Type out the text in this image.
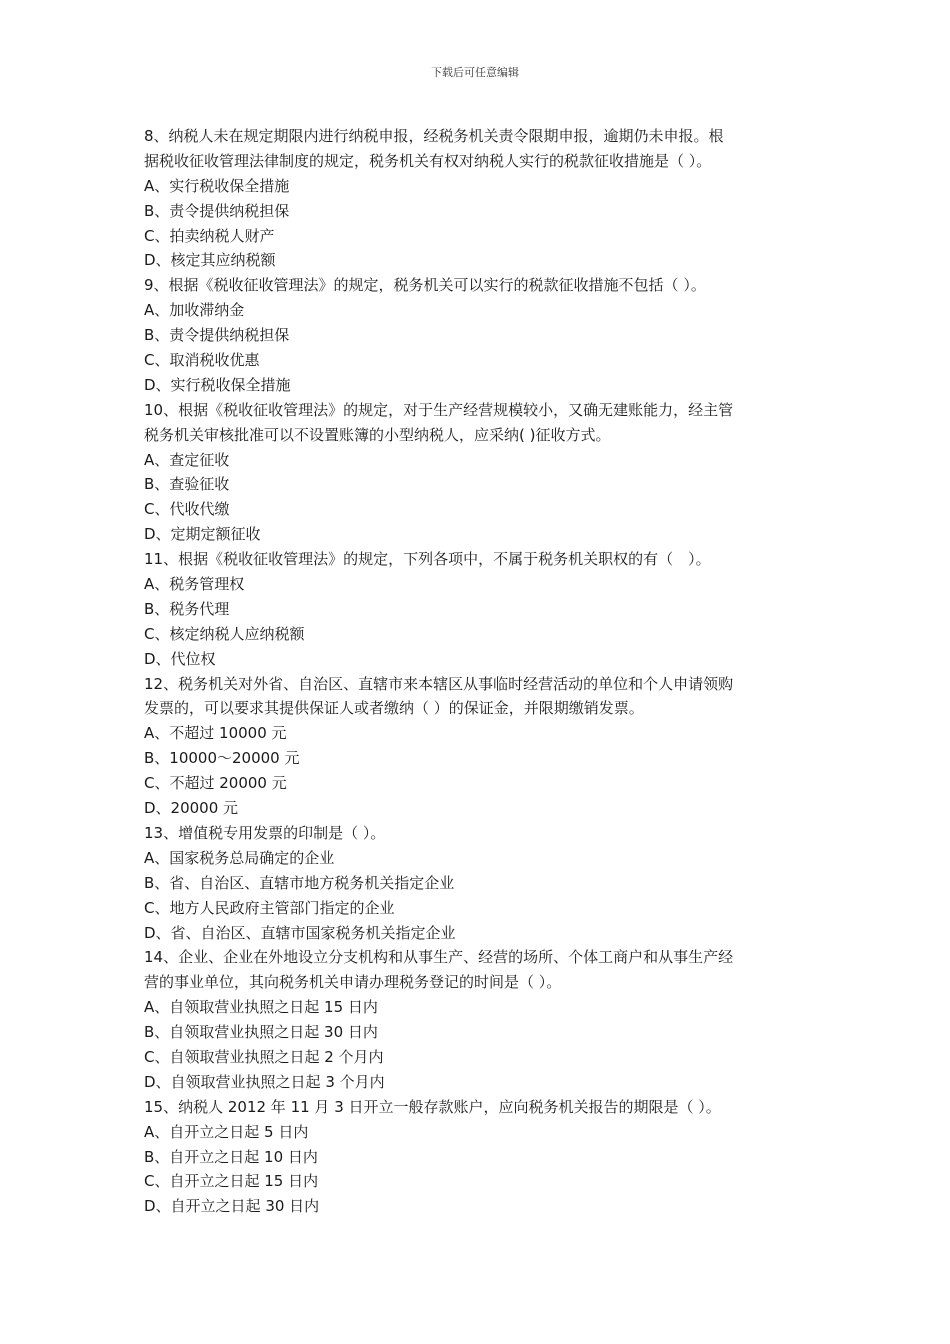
下载后可任意编辑
8、纳税人未在规定期限内进行纳税申报，经税务机关责令限期申报，逾期仍未申报。根
据税收征收管理法律制度的规定，税务机关有权对纳税人实行的税款征收措施是（ ）。
A、实行税收保全措施
B、责令提供纳税担保
C、拍卖纳税人财产
D、核定其应纳税额
9、根据《税收征收管理法》的规定，税务机关可以实行的税款征收措施不包括（ ）。
A、加收滞纳金
B、责令提供纳税担保
C、取消税收优惠
D、实行税收保全措施
10、根据《税收征收管理法》的规定，对于生产经营规模较小，又确无建账能力，经主管
税务机关审核批准可以不设置账簿的小型纳税人，应采纳( )征收方式。
A、查定征收
B、查验征收
C、代收代缴
D、定期定额征收
11、根据《税收征收管理法》的规定，下列各项中，不属于税务机关职权的有（　）。
A、税务管理权
B、税务代理
C、核定纳税人应纳税额
D、代位权
12、税务机关对外省、自治区、直辖市来本辖区从事临时经营活动的单位和个人申请领购
发票的，可以要求其提供保证人或者缴纳（ ）的保证金，并限期缴销发票。
A、不超过 10000 元
B、10000～20000 元
C、不超过 20000 元
D、20000 元
13、增值税专用发票的印制是（ ）。
A、国家税务总局确定的企业
B、省、自治区、直辖市地方税务机关指定企业
C、地方人民政府主管部门指定的企业
D、省、自治区、直辖市国家税务机关指定企业
14、企业、企业在外地设立分支机构和从事生产、经营的场所、个体工商户和从事生产经
营的事业单位，其向税务机关申请办理税务登记的时间是（ ）。
A、自领取营业执照之日起 15 日内
B、自领取营业执照之日起 30 日内
C、自领取营业执照之日起 2 个月内
D、自领取营业执照之日起 3 个月内
15、纳税人 2012 年 11 月 3 日开立一般存款账户，应向税务机关报告的期限是（ ）。
A、自开立之日起 5 日内
B、自开立之日起 10 日内
C、自开立之日起 15 日内
D、自开立之日起 30 日内
